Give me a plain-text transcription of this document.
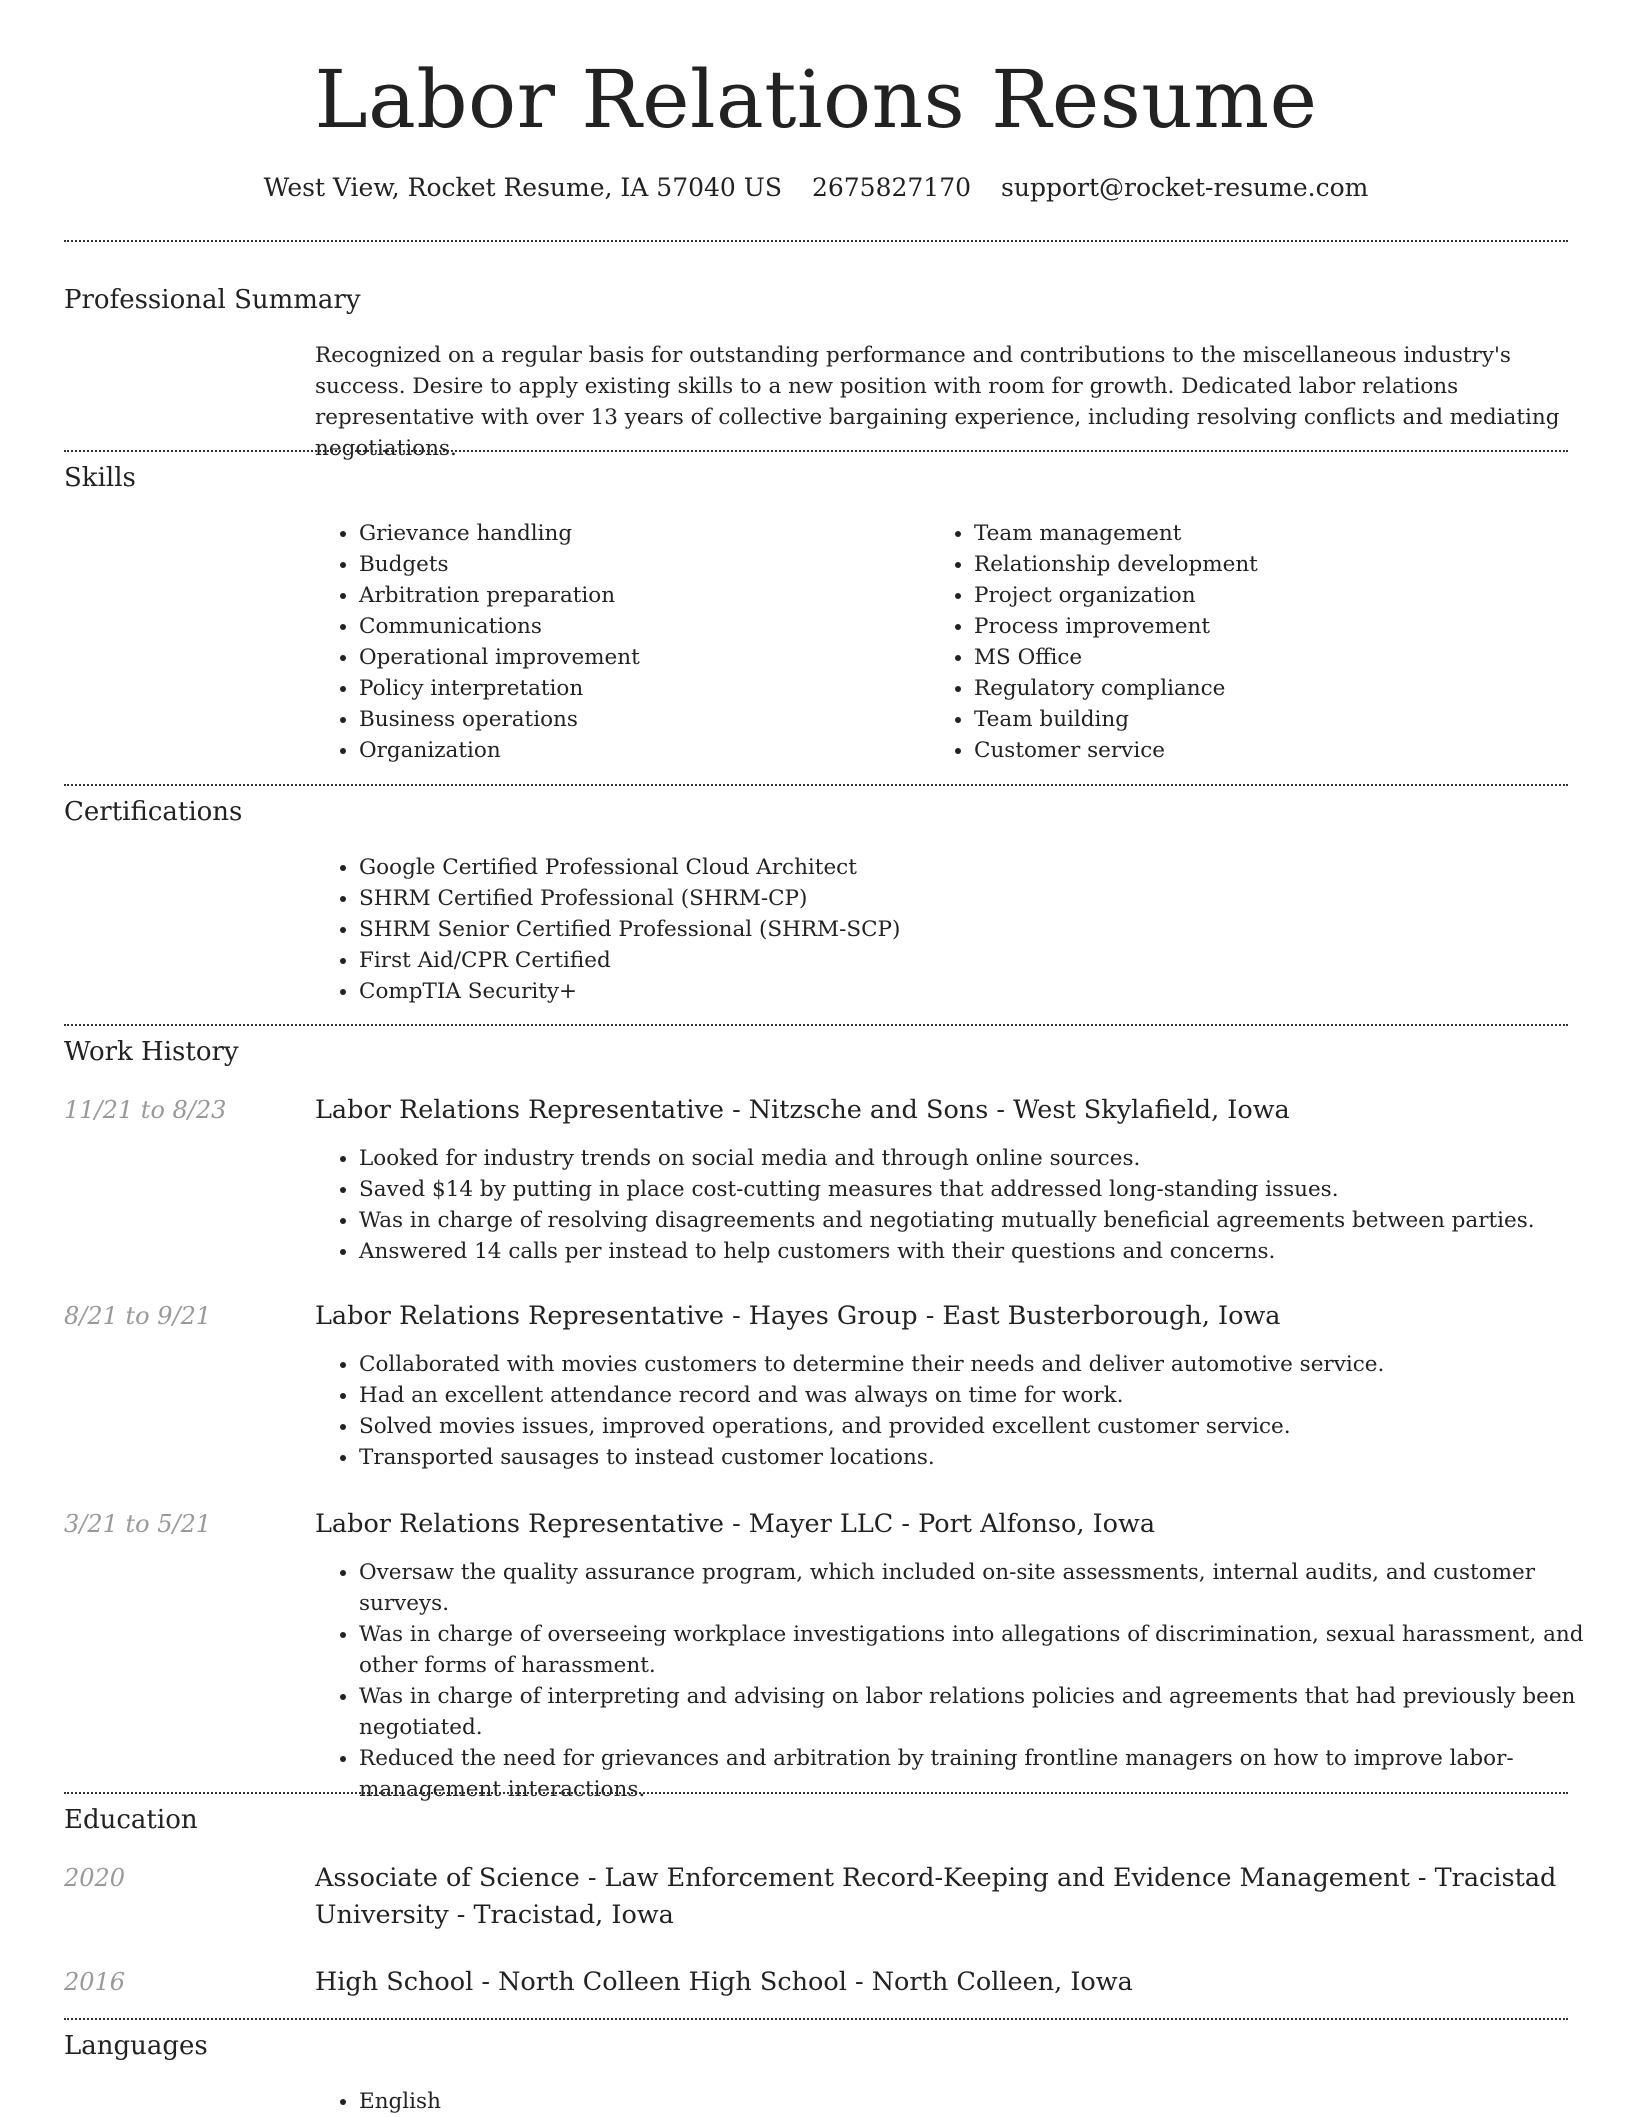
Labor Relations Resume
West View, Rocket Resume, IA 57040 US 2675827170 support@rocket-resume.com
Professional Summary
Recognized on a regular basis for outstanding performance and contributions to the miscellaneous industry's success. Desire to apply existing skills to a new position with room for growth. Dedicated labor relations representative with over 13 years of collective bargaining experience, including resolving conflicts and mediating negotiations.
Skills
• Grievance handling
• Budgets
• Arbitration preparation
• Communications
• Operational improvement
• Policy interpretation
• Business operations
• Organization
• Team management
• Relationship development
• Project organization
• Process improvement
• MS Office
• Regulatory compliance
• Team building
• Customer service
Certifications
• Google Certified Professional Cloud Architect
• SHRM Certified Professional (SHRM-CP)
• SHRM Senior Certified Professional (SHRM-SCP)
• First Aid/CPR Certified
• CompTIA Security+
Work History
11/21 to 8/23	Labor Relations Representative - Nitzsche and Sons - West Skylafield, Iowa
• Looked for industry trends on social media and through online sources.
• Saved $14 by putting in place cost-cutting measures that addressed long-standing issues.
• Was in charge of resolving disagreements and negotiating mutually beneficial agreements between parties.
• Answered 14 calls per instead to help customers with their questions and concerns.
8/21 to 9/21	Labor Relations Representative - Hayes Group - East Busterborough, Iowa
• Collaborated with movies customers to determine their needs and deliver automotive service.
• Had an excellent attendance record and was always on time for work.
• Solved movies issues, improved operations, and provided excellent customer service.
• Transported sausages to instead customer locations.
3/21 to 5/21	Labor Relations Representative - Mayer LLC - Port Alfonso, Iowa
• Oversaw the quality assurance program, which included on-site assessments, internal audits, and customer surveys.
• Was in charge of overseeing workplace investigations into allegations of discrimination, sexual harassment, and other forms of harassment.
• Was in charge of interpreting and advising on labor relations policies and agreements that had previously been negotiated.
• Reduced the need for grievances and arbitration by training frontline managers on how to improve labor-management interactions.
Education
2020	Associate of Science - Law Enforcement Record-Keeping and Evidence Management - Tracistad University - Tracistad, Iowa
2016	High School - North Colleen High School - North Colleen, Iowa
Languages
• English
